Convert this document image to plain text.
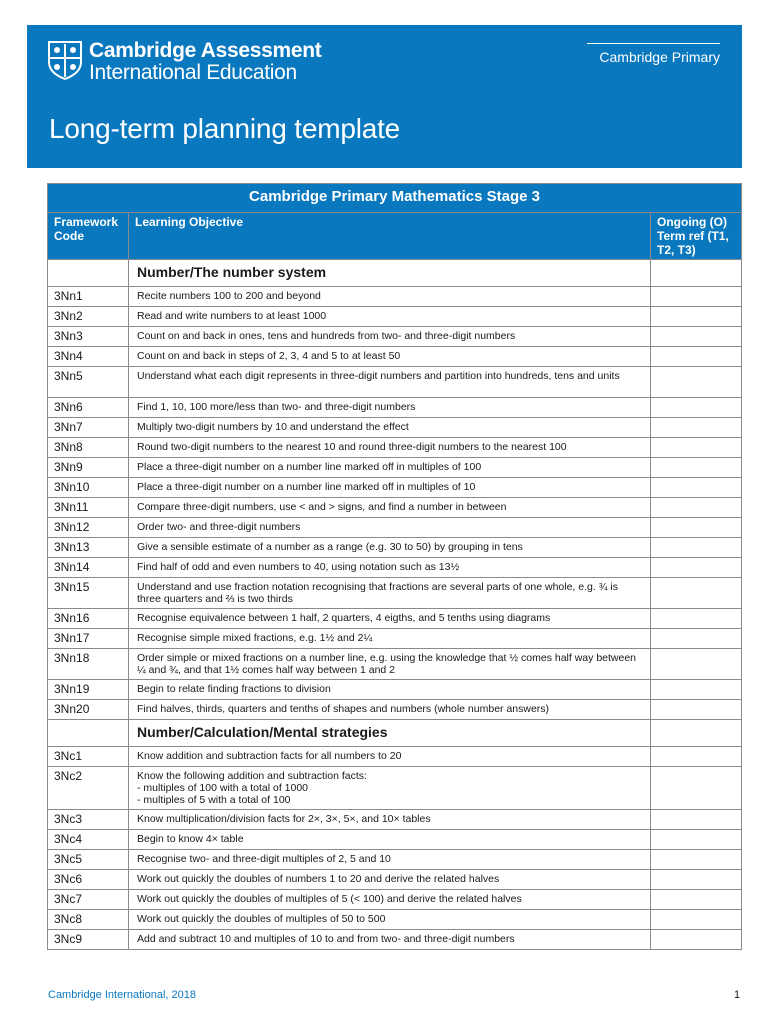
Cambridge Assessment
International Education
Cambridge Primary
Long-term planning template
Cambridge Primary Mathematics Stage 3		
Framework Code	Learning Objective	Ongoing (O) Term ref (T1, T2, T3)
	Number/The number system	
3Nn1	Recite numbers 100 to 200 and beyond	
3Nn2	Read and write numbers to at least 1000	
3Nn3	Count on and back in ones, tens and hundreds from two- and three-digit numbers	
3Nn4	Count on and back in steps of 2, 3, 4 and 5 to at least 50	
3Nn5	Understand what each digit represents in three-digit numbers and partition into hundreds, tens and units	
3Nn6	Find 1, 10, 100 more/less than two- and three-digit numbers	
3Nn7	Multiply two-digit numbers by 10 and understand the effect	
3Nn8	Round two-digit numbers to the nearest 10 and round three-digit numbers to the nearest 100	
3Nn9	Place a three-digit number on a number line marked off in multiples of 100	
3Nn10	Place a three-digit number on a number line marked off in multiples of 10	
3Nn11	Compare three-digit numbers, use < and > signs, and find a number in between	
3Nn12	Order two- and three-digit numbers	
3Nn13	Give a sensible estimate of a number as a range (e.g. 30 to 50) by grouping in tens	
3Nn14	Find half of odd and even numbers to 40, using notation such as 13½	
3Nn15	Understand and use fraction notation recognising that fractions are several parts of one whole, e.g. ¾ is three quarters and ⅔ is two thirds	
3Nn16	Recognise equivalence between 1 half, 2 quarters, 4 eigths, and 5 tenths using diagrams	
3Nn17	Recognise simple mixed fractions, e.g. 1½ and 2¼	
3Nn18	Order simple or mixed fractions on a number line, e.g. using the knowledge that ½ comes half way between ¼ and ¾, and that 1½ comes half way between 1 and 2	
3Nn19	Begin to relate finding fractions to division	
3Nn20	Find halves, thirds, quarters and tenths of shapes and numbers (whole number answers)	
	Number/Calculation/Mental strategies	
3Nc1	Know addition and subtraction facts for all numbers to 20	
3Nc2	Know the following addition and subtraction facts:
- multiples of 100 with a total of 1000
- multiples of 5 with a total of 100	
3Nc3	Know multiplication/division facts for 2×, 3×, 5×, and 10× tables	
3Nc4	Begin to know 4× table	
3Nc5	Recognise two- and three-digit multiples of 2, 5 and 10	
3Nc6	Work out quickly the doubles of numbers 1 to 20 and derive the related halves	
3Nc7	Work out quickly the doubles of multiples of 5 (< 100) and derive the related halves	
3Nc8	Work out quickly the doubles of multiples of 50 to 500	
3Nc9	Add and subtract 10 and multiples of 10 to and from two- and three-digit numbers	
Cambridge International, 2018	1
